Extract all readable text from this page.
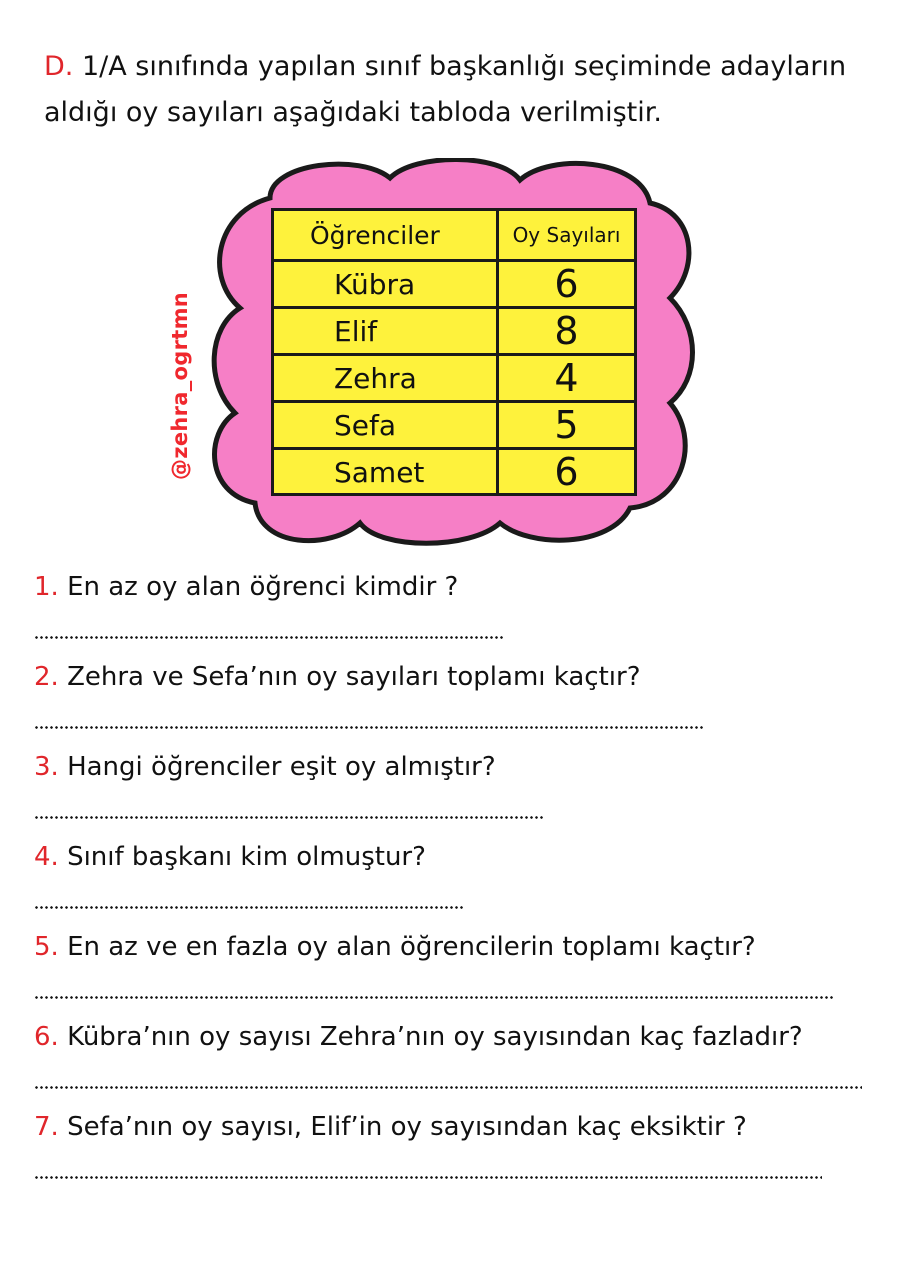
D. 1/A sınıfında yapılan sınıf başkanlığı seçiminde adayların
aldığı oy sayıları aşağıdaki tabloda verilmiştir.
@zehra_ogrtmn
Öğrenciler	Oy Sayıları
Kübra	6
Elif	8
Zehra	4
Sefa	5
Samet	6
1. En az oy alan öğrenci kimdir ?
2. Zehra ve Sefa’nın oy sayıları toplamı kaçtır?
3. Hangi öğrenciler eşit oy almıştır?
4. Sınıf başkanı kim olmuştur?
5. En az ve en fazla oy alan öğrencilerin toplamı kaçtır?
6. Kübra’nın oy sayısı Zehra’nın oy sayısından kaç fazladır?
7. Sefa’nın oy sayısı, Elif’in oy sayısından kaç eksiktir ?
